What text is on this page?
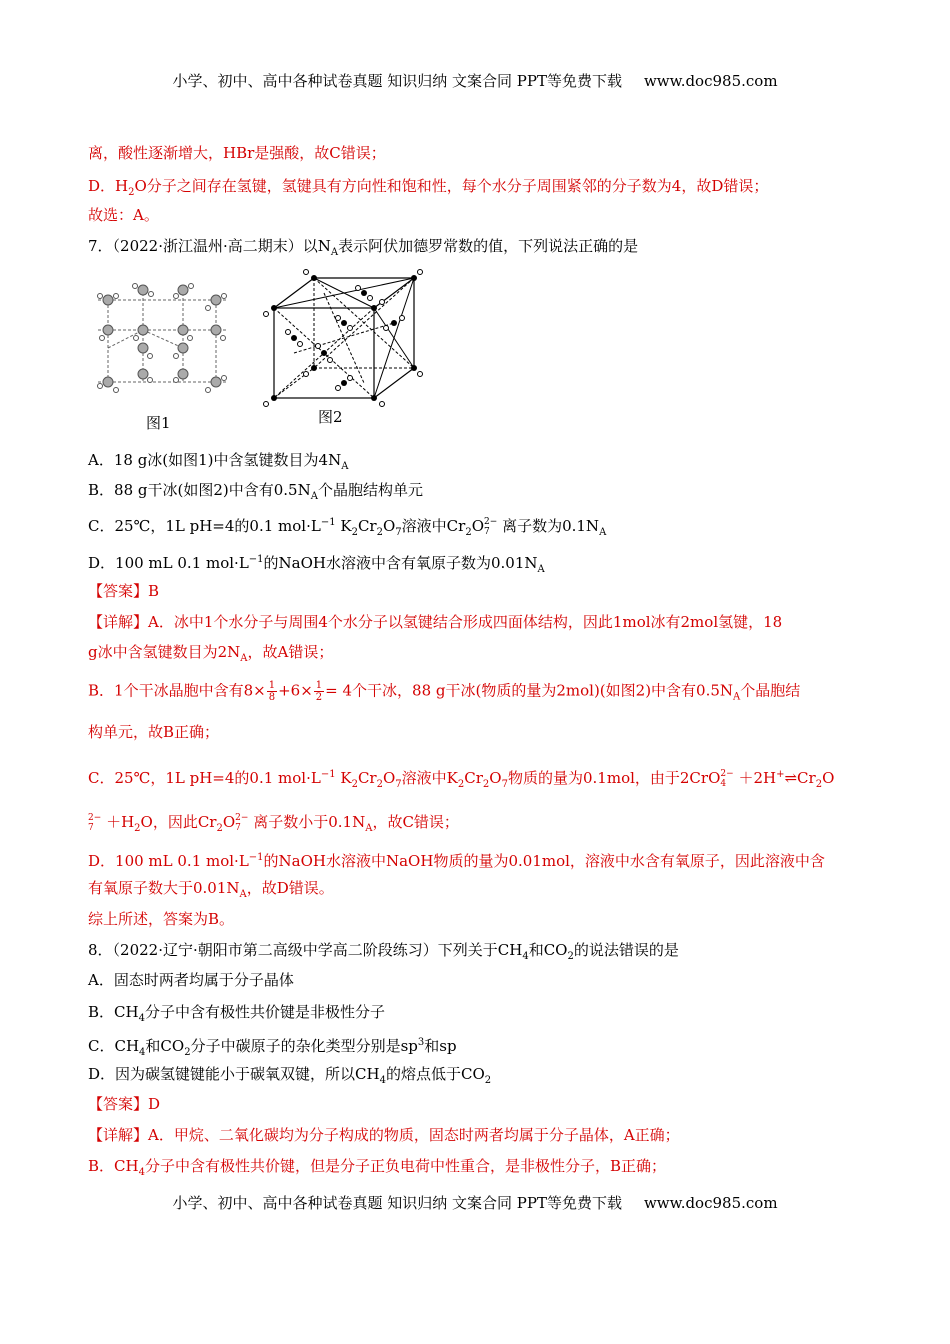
小学、初中、高中各种试卷真题 知识归纳 文案合同 PPT等免费下载 www.doc985.com
离，酸性逐渐增大，HBr是强酸，故C错误；
D．$H_2O$分子之间存在氢键，氢键具有方向性和饱和性，每个水分子周围紧邻的分子数为4，故D错误；
故选：A。
7．（2022·浙江温州·高二期末）以$N_A$表示阿伏加德罗常数的值，下列说法正确的是
图1	图2
A．18 g冰(如图1)中含氢键数目为$4N_A$
B．88 g干冰(如图2)中含有$0.5N_A$个晶胞结构单元
C．25℃，1L pH=4的0.1 $mol\cdot L^{-1}$ $K_2Cr_2O_7$溶液中$Cr_2O$ 2−
7 离子数为$0.1N_A$
D．100 mL 0.1 $mol\cdot L^{-1}$的NaOH水溶液中含有氧原子数为$0.01N_A$
【答案】B
【详解】A．冰中1个水分子与周围4个水分子以氢键结合形成四面体结构，因此1mol冰有2mol氢键，18
g冰中含氢键数目为$2N_A$，故A错误；
B．1个干冰晶胞中含有$8\times \frac{1}{8} +6\times \frac{1}{2} = 4$个干冰，88 g干冰(物质的量为2mol)(如图2)中含有$0.5N_A$个晶胞结
构单元，故B正确；
C．25℃，1L pH=4的0.1 $mol\cdot L^{-1}$ $K_2Cr_2O_7$溶液中$K_2Cr_2O_7$物质的量为0.1mol，由于2CrO 2−
$4 +2H^+\rightleftharpoons Cr_2O$
2−
$7 +H_2O$，因此$Cr_2O$ 2−
7 离子数小于$0.1N_A$，故C错误；
D．100 mL 0.1 $mol\cdot L^{-1}$的NaOH水溶液中NaOH物质的量为0.01mol，溶液中水含有氧原子，因此溶液中含
有氧原子数大于$0.01N_A$，故D错误。
综上所述，答案为B。
8．（2022·辽宁·朝阳市第二高级中学高二阶段练习）下列关于$CH_4$和$CO_2$的说法错误的是
A．固态时两者均属于分子晶体
B．$CH_4$分子中含有极性共价键是非极性分子
C．$CH_4$和$CO_2$分子中碳原子的杂化类型分别是$sp^3$和sp
D．因为碳氢键键能小于碳氧双键，所以$CH_4$的熔点低于$CO_2$
【答案】D
【详解】A．甲烷、二氧化碳均为分子构成的物质，固态时两者均属于分子晶体，A正确；
B．$CH_4$分子中含有极性共价键，但是分子正负电荷中性重合，是非极性分子，B正确；
小学、初中、高中各种试卷真题 知识归纳 文案合同 PPT等免费下载 www.doc985.com
